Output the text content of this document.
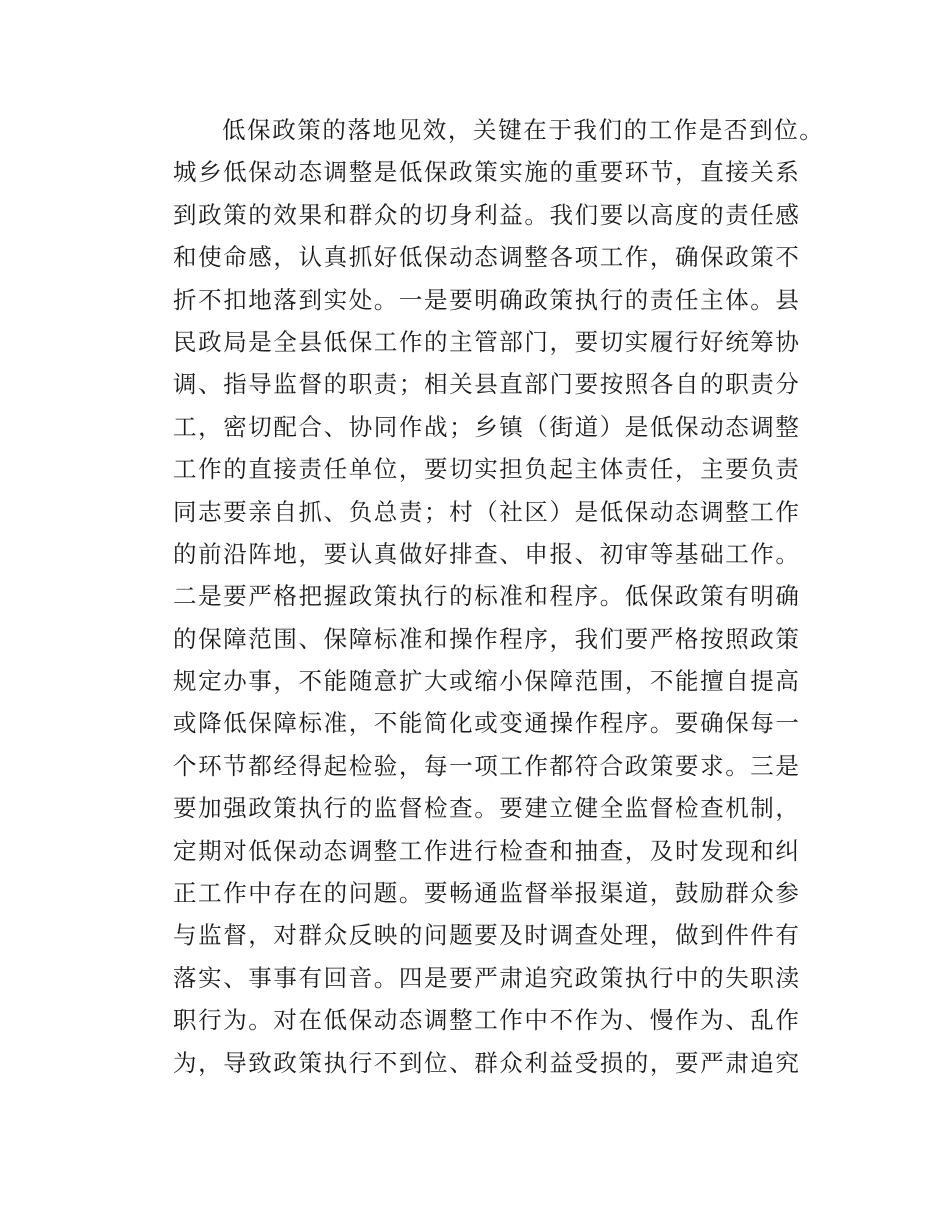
低保政策的落地见效，关键在于我们的工作是否到位。
城乡低保动态调整是低保政策实施的重要环节，直接关系
到政策的效果和群众的切身利益。我们要以高度的责任感
和使命感，认真抓好低保动态调整各项工作，确保政策不
折不扣地落到实处。一是要明确政策执行的责任主体。县
民政局是全县低保工作的主管部门，要切实履行好统筹协
调、指导监督的职责；相关县直部门要按照各自的职责分
工，密切配合、协同作战；乡镇（街道）是低保动态调整
工作的直接责任单位，要切实担负起主体责任，主要负责
同志要亲自抓、负总责；村（社区）是低保动态调整工作
的前沿阵地，要认真做好排查、申报、初审等基础工作。
二是要严格把握政策执行的标准和程序。低保政策有明确
的保障范围、保障标准和操作程序，我们要严格按照政策
规定办事，不能随意扩大或缩小保障范围，不能擅自提高
或降低保障标准，不能简化或变通操作程序。要确保每一
个环节都经得起检验，每一项工作都符合政策要求。三是
要加强政策执行的监督检查。要建立健全监督检查机制，
定期对低保动态调整工作进行检查和抽查，及时发现和纠
正工作中存在的问题。要畅通监督举报渠道，鼓励群众参
与监督，对群众反映的问题要及时调查处理，做到件件有
落实、事事有回音。四是要严肃追究政策执行中的失职渎
职行为。对在低保动态调整工作中不作为、慢作为、乱作
为，导致政策执行不到位、群众利益受损的，要严肃追究
